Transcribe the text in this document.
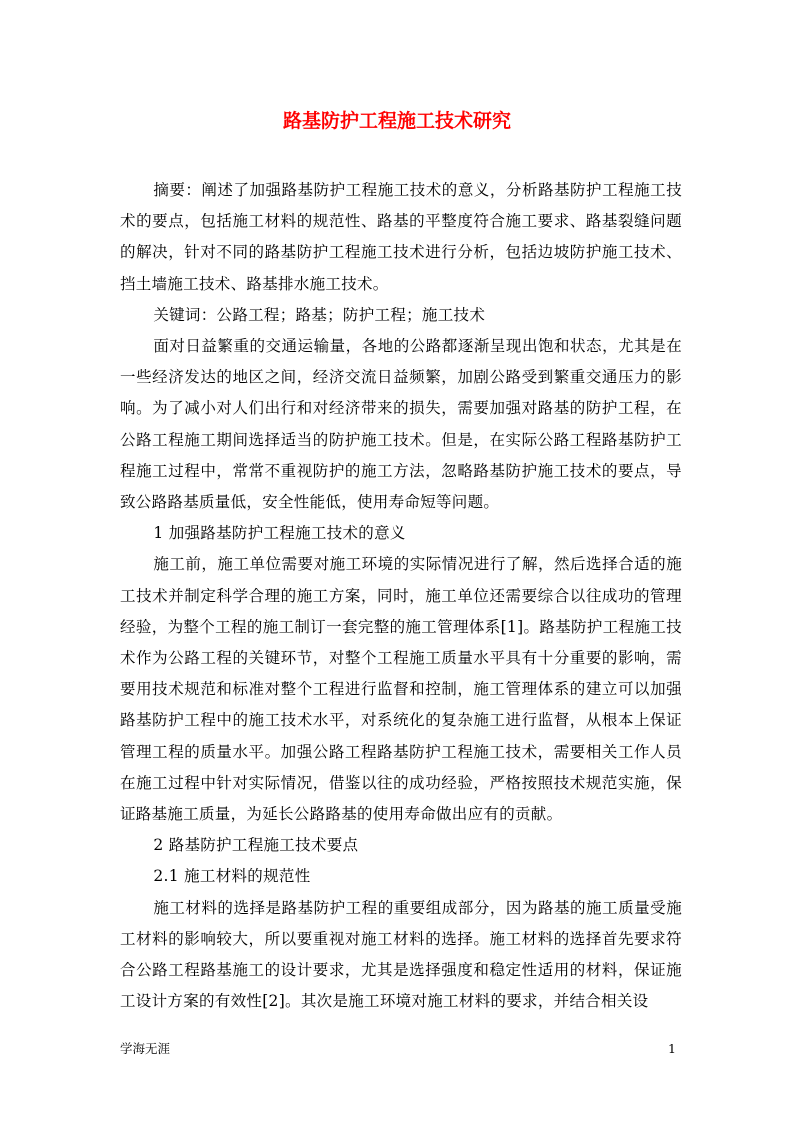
路基防护工程施工技术研究

摘要：阐述了加强路基防护工程施工技术的意义，分析路基防护工程施工技术的要点，包括施工材料的规范性、路基的平整度符合施工要求、路基裂缝问题的解决，针对不同的路基防护工程施工技术进行分析，包括边坡防护施工技术、挡土墙施工技术、路基排水施工技术。

关键词：公路工程；路基；防护工程；施工技术

面对日益繁重的交通运输量，各地的公路都逐渐呈现出饱和状态，尤其是在一些经济发达的地区之间，经济交流日益频繁，加剧公路受到繁重交通压力的影响。为了减小对人们出行和对经济带来的损失，需要加强对路基的防护工程，在公路工程施工期间选择适当的防护施工技术。但是，在实际公路工程路基防护工程施工过程中，常常不重视防护的施工方法，忽略路基防护施工技术的要点，导致公路路基质量低，安全性能低，使用寿命短等问题。

1 加强路基防护工程施工技术的意义

施工前，施工单位需要对施工环境的实际情况进行了解，然后选择合适的施工技术并制定科学合理的施工方案，同时，施工单位还需要综合以往成功的管理经验，为整个工程的施工制订一套完整的施工管理体系[1]。路基防护工程施工技术作为公路工程的关键环节，对整个工程施工质量水平具有十分重要的影响，需要用技术规范和标准对整个工程进行监督和控制，施工管理体系的建立可以加强路基防护工程中的施工技术水平，对系统化的复杂施工进行监督，从根本上保证管理工程的质量水平。加强公路工程路基防护工程施工技术，需要相关工作人员在施工过程中针对实际情况，借鉴以往的成功经验，严格按照技术规范实施，保证路基施工质量，为延长公路路基的使用寿命做出应有的贡献。

2 路基防护工程施工技术要点

2.1 施工材料的规范性

施工材料的选择是路基防护工程的重要组成部分，因为路基的施工质量受施工材料的影响较大，所以要重视对施工材料的选择。施工材料的选择首先要求符合公路工程路基施工的设计要求，尤其是选择强度和稳定性适用的材料，保证施工设计方案的有效性[2]。其次是施工环境对施工材料的要求，并结合相关设

学海无涯	1
